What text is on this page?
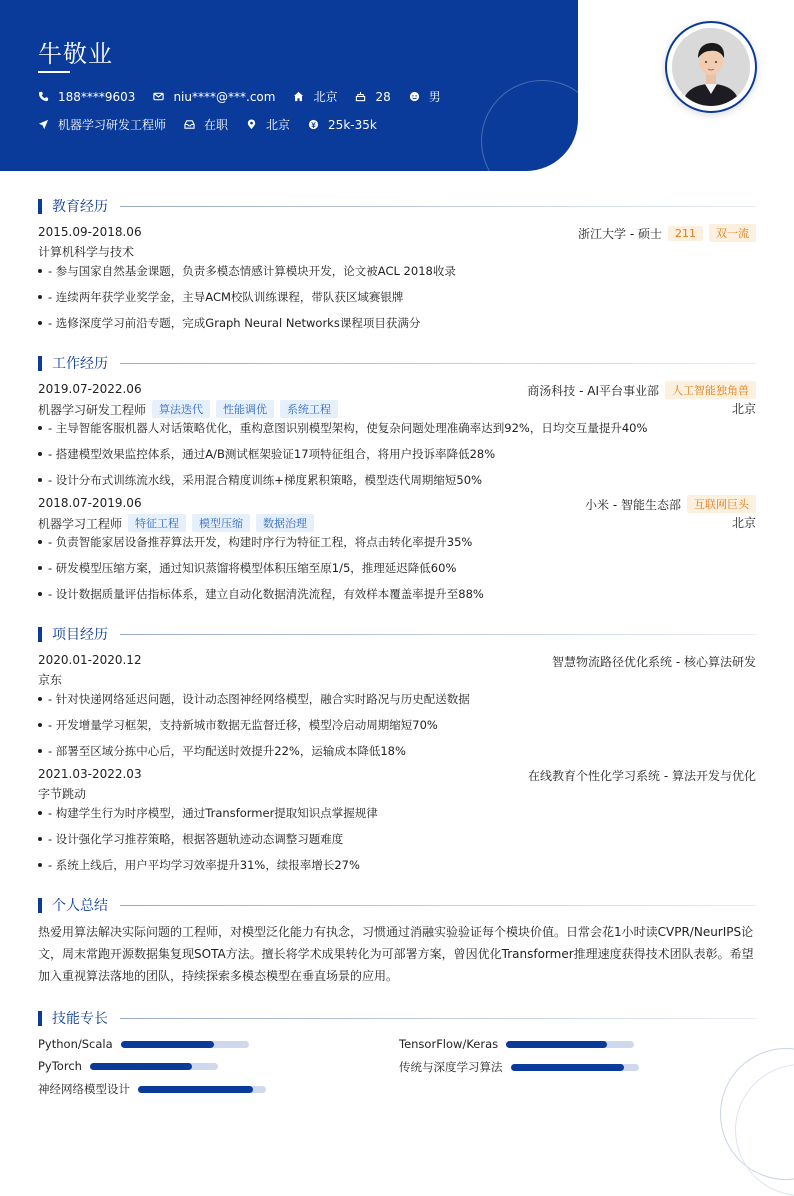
牛敬业
188****9603	niu****@***.com	北京	28	男
机器学习研发工程师	在职	北京	25k-35k
教育经历
2015.09-2018.06	浙江大学 - 硕士	211	双一流
计算机科学与技术
- 参与国家自然基金课题，负责多模态情感计算模块开发，论文被ACL 2018收录
- 连续两年获学业奖学金，主导ACM校队训练课程，带队获区域赛银牌
- 选修深度学习前沿专题，完成Graph Neural Networks课程项目获满分
工作经历
2019.07-2022.06	商汤科技 - AI平台事业部	人工智能独角兽
机器学习研发工程师	算法迭代	性能调优	系统工程	北京
- 主导智能客服机器人对话策略优化，重构意图识别模型架构，使复杂问题处理准确率达到92%，日均交互量提升40%
- 搭建模型效果监控体系，通过A/B测试框架验证17项特征组合，将用户投诉率降低28%
- 设计分布式训练流水线，采用混合精度训练+梯度累积策略，模型迭代周期缩短50%
2018.07-2019.06	小米 - 智能生态部	互联网巨头
机器学习工程师	特征工程	模型压缩	数据治理	北京
- 负责智能家居设备推荐算法开发，构建时序行为特征工程，将点击转化率提升35%
- 研发模型压缩方案，通过知识蒸馏将模型体积压缩至原1/5，推理延迟降低60%
- 设计数据质量评估指标体系，建立自动化数据清洗流程，有效样本覆盖率提升至88%
项目经历
2020.01-2020.12	智慧物流路径优化系统 - 核心算法研发
京东
- 针对快递网络延迟问题，设计动态图神经网络模型，融合实时路况与历史配送数据
- 开发增量学习框架，支持新城市数据无监督迁移，模型冷启动周期缩短70%
- 部署至区域分拣中心后，平均配送时效提升22%，运输成本降低18%
2021.03-2022.03	在线教育个性化学习系统 - 算法开发与优化
字节跳动
- 构建学生行为时序模型，通过Transformer提取知识点掌握规律
- 设计强化学习推荐策略，根据答题轨迹动态调整习题难度
- 系统上线后，用户平均学习效率提升31%，续报率增长27%
个人总结
热爱用算法解决实际问题的工程师，对模型泛化能力有执念，习惯通过消融实验验证每个模块价值。日常会花1小时读CVPR/NeurIPS论文，周末常跑开源数据集复现SOTA方法。擅长将学术成果转化为可部署方案，曾因优化Transformer推理速度获得技术团队表彰。希望加入重视算法落地的团队，持续探索多模态模型在垂直场景的应用。
技能专长
Python/Scala	TensorFlow/Keras
PyTorch	传统与深度学习算法
神经网络模型设计
